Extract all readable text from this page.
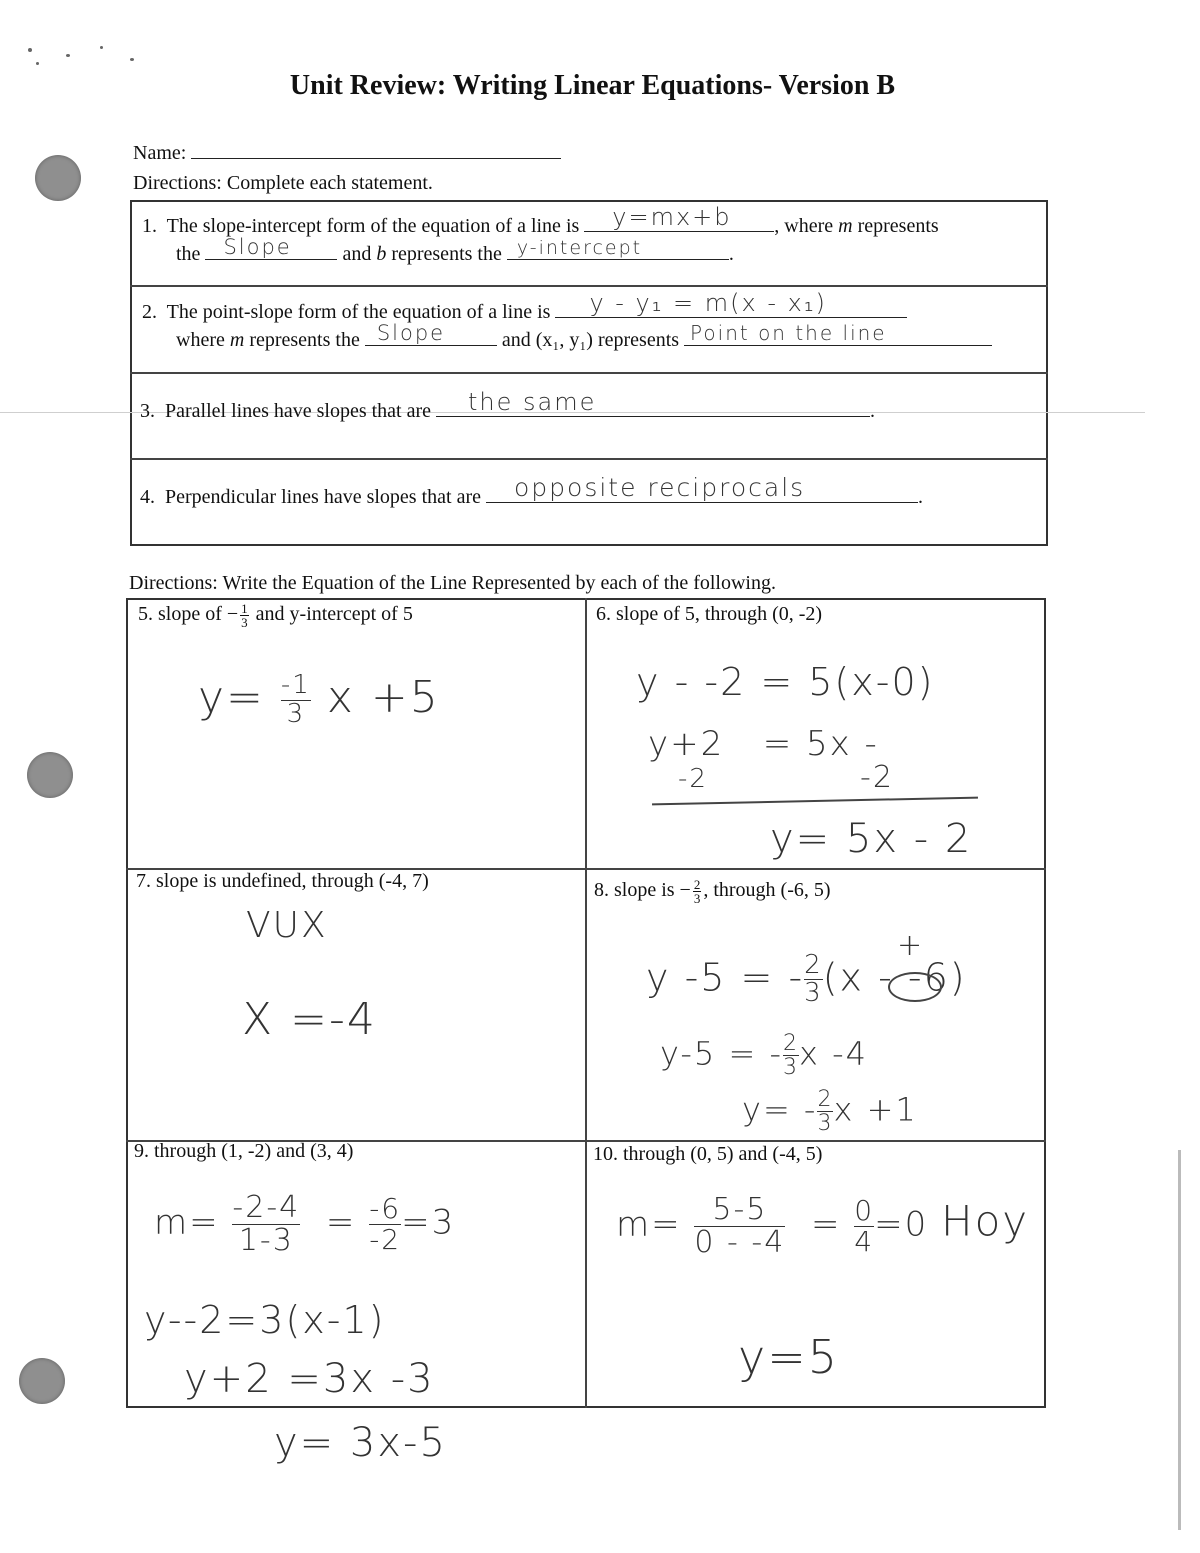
Unit Review: Writing Linear Equations- Version B
Name:
Directions: Complete each statement.
1. The slope-intercept form of the equation of a line is y=mx+b , where m represents
the Slope	and b represents the y-intercept	.
2. The point-slope form of the equation of a line is y - y₁ = m(x - x₁)
where m represents the Slope	and (x₁, y₁) represents Point on the line
3. Parallel lines have slopes that are the same	.
4. Perpendicular lines have slopes that are opposite reciprocals	.
Directions: Write the Equation of the Line Represented by each of the following.
5. slope of − $\frac{1}{3}$ and y-intercept of 5
$y= \frac{-1}{3}$ x +5
6. slope of 5, through (0, -2)
y - -2 = 5(x-0)
y+2 = 5x -
-2	-2
y= 5x - 2
7. slope is undefined, through (-4, 7)
VUX
X =-4
8. slope is − $\frac{2}{3}$ , through (-6, 5)
+
y -5 = - $\frac{2}{3} (x - -6)$
y-5 = - $\frac{2}{3}$ x -4
$y= - \frac{2}{3}$ x +1
9. through (1, -2) and (3, 4)
$m= \frac{-2-4}{1-3} = \frac{-6}{-2} =3$
y--2=3(x-1)
y+2 =3x -3
y= 3x-5
10. through (0, 5) and (-4, 5)
$m= \frac{5-5}{0 - -4} = \frac{0}{4} =0$ Hoy
y=5
